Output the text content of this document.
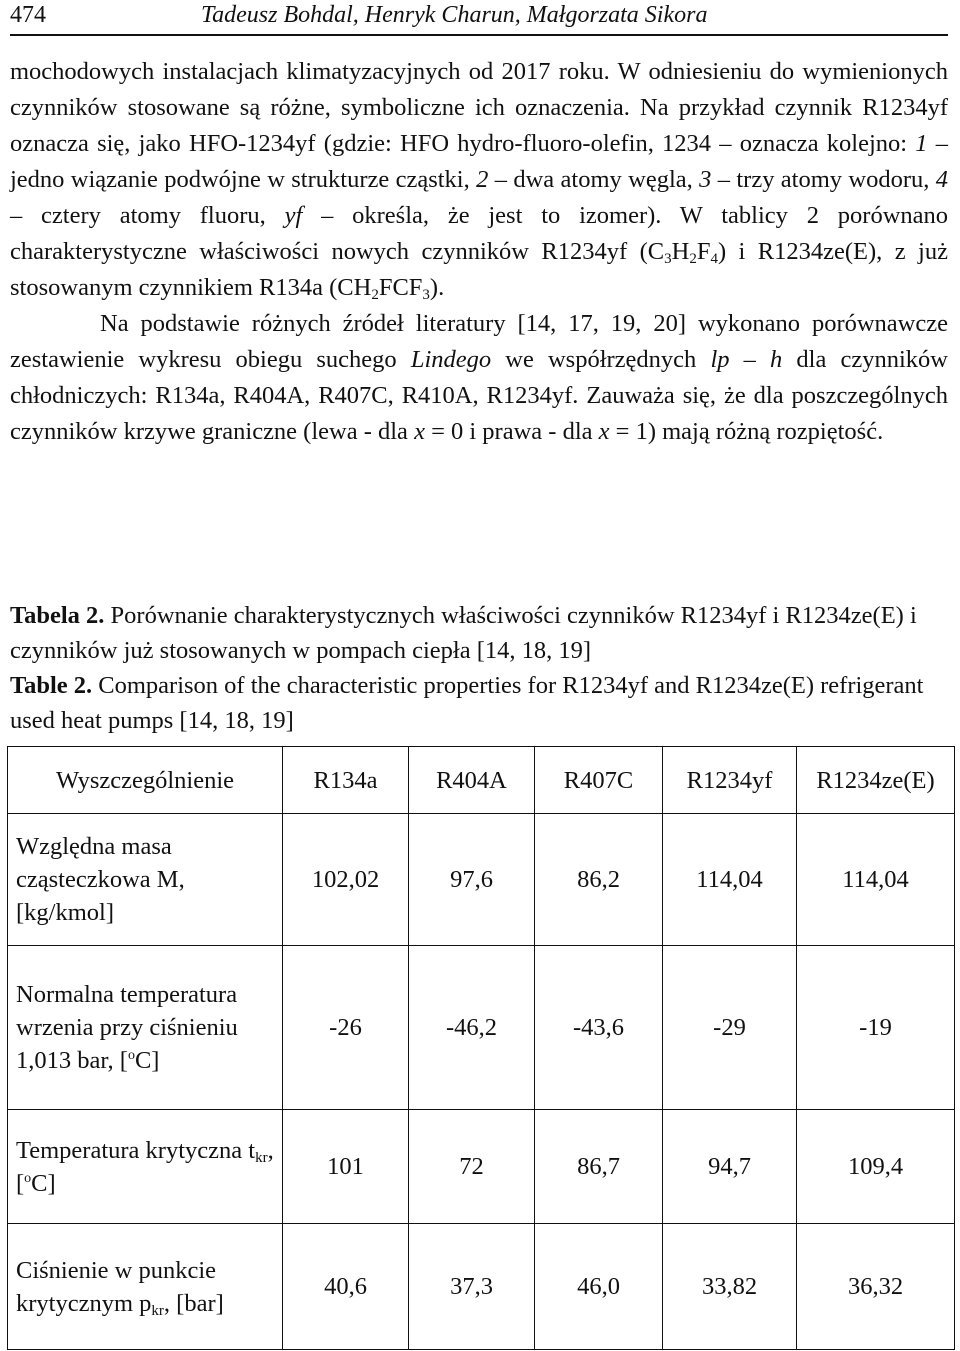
474	Tadeusz Bohdal, Henryk Charun, Małgorzata Sikora

mochodowych instalacjach klimatyzacyjnych od 2017 roku. W odniesieniu do wymienionych czynników stosowane są różne, symboliczne ich oznaczenia. Na przykład czynnik R1234yf oznacza się, jako HFO-1234yf (gdzie: HFO hydro-fluoro-olefin, 1234 – oznacza kolejno: 1 – jedno wiązanie podwójne w strukturze cząstki, 2 – dwa atomy węgla, 3 – trzy atomy wodoru, 4 – cztery atomy fluoru, yf – określa, że jest to izomer). W tablicy 2 porównano charakterystyczne właściwości nowych czynników R1234yf $(C_3H_2F_4)$ i R1234ze(E), z już stosowanym czynnikiem R134a $(CH_2FCF_3)$.

Na podstawie różnych źródeł literatury [14, 17, 19, 20] wykonano porównawcze zestawienie wykresu obiegu suchego Lindego we współrzędnych lp – h dla czynników chłodniczych: R134a, R404A, R407C, R410A, R1234yf. Zauważa się, że dla poszczególnych czynników krzywe graniczne (lewa - dla x = 0 i prawa - dla x = 1) mają różną rozpiętość.

Tabela 2. Porównanie charakterystycznych właściwości czynników R1234yf i R1234ze(E) i czynników już stosowanych w pompach ciepła [14, 18, 19]

Table 2. Comparison of the characteristic properties for R1234yf and R1234ze(E) refrigerant used heat pumps [14, 18, 19]

Wyszczególnienie	R134a	R404A	R407C	R1234yf	R1234ze(E)
Względna masa cząsteczkowa M, [kg/kmol]	102,02	97,6	86,2	114,04	114,04
Normalna temperatura wrzenia przy ciśnieniu 1,013 bar, [$^o$C]	-26	-46,2	-43,6	-29	-19
Temperatura krytyczna $t_{kr}$, [$^o$C]	101	72	86,7	94,7	109,4
Ciśnienie w punkcie krytycznym $p_{kr}$, [bar]	40,6	37,3	46,0	33,82	36,32
